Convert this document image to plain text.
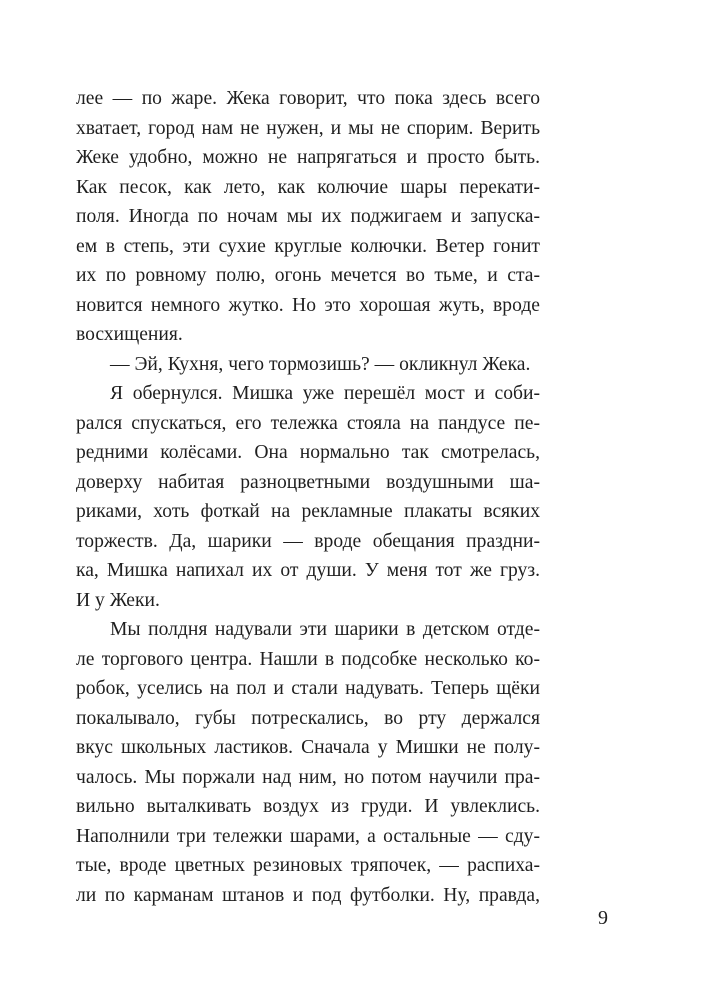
лее — по жаре. Жека говорит, что пока здесь всего
хватает, город нам не нужен, и мы не спорим. Верить
Жеке удобно, можно не напрягаться и просто быть.
Как песок, как лето, как колючие шары перекати-
поля. Иногда по ночам мы их поджигаем и запуска-
ем в степь, эти сухие круглые колючки. Ветер гонит
их по ровному полю, огонь мечется во тьме, и ста-
новится немного жутко. Но это хорошая жуть, вроде
восхищения.
— Эй, Кухня, чего тормозишь? — окликнул Жека.
Я обернулся. Мишка уже перешёл мост и соби-
рался спускаться, его тележка стояла на пандусе пе-
редними колёсами. Она нормально так смотрелась,
доверху набитая разноцветными воздушными ша-
риками, хоть фоткай на рекламные плакаты всяких
торжеств. Да, шарики — вроде обещания праздни-
ка, Мишка напихал их от души. У меня тот же груз.
И у Жеки.
Мы полдня надували эти шарики в детском отде-
ле торгового центра. Нашли в подсобке несколько ко-
робок, уселись на пол и стали надувать. Теперь щёки
покалывало, губы потрескались, во рту держался
вкус школьных ластиков. Сначала у Мишки не полу-
чалось. Мы поржали над ним, но потом научили пра-
вильно выталкивать воздух из груди. И увлеклись.
Наполнили три тележки шарами, а остальные — сду-
тые, вроде цветных резиновых тряпочек, — распиха-
ли по карманам штанов и под футболки. Ну, правда,
9
